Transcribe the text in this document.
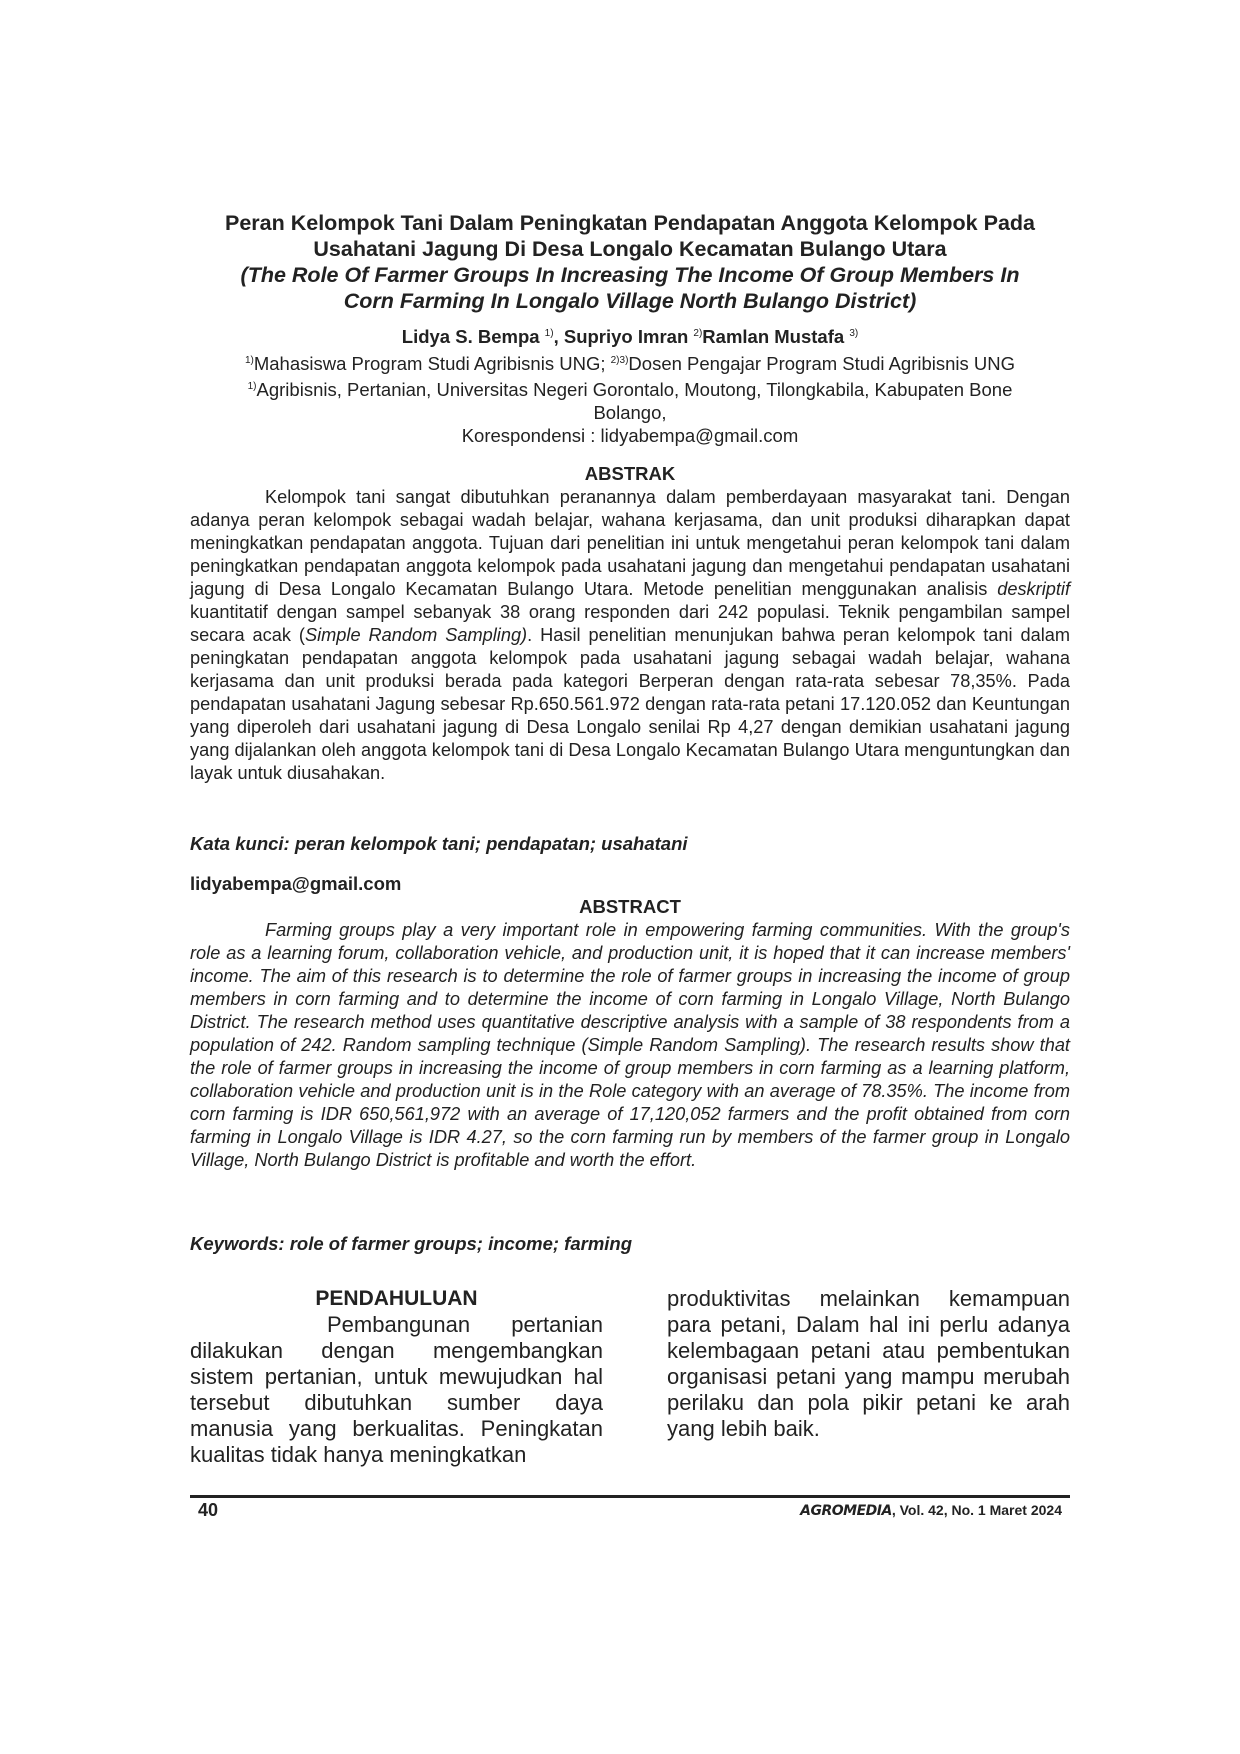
Peran Kelompok Tani Dalam Peningkatan Pendapatan Anggota Kelompok Pada
Usahatani Jagung Di Desa Longalo Kecamatan Bulango Utara

(The Role Of Farmer Groups In Increasing The Income Of Group Members In
Corn Farming In Longalo Village North Bulango District)

Lidya S. Bempa $^{1)}$, Supriyo Imran $^{2)}$Ramlan Mustafa $^{3)}$
$^{1)}$Mahasiswa Program Studi Agribisnis UNG; $^{2)3)}$Dosen Pengajar Program Studi Agribisnis UNG
$^{1)}$Agribisnis, Pertanian, Universitas Negeri Gorontalo, Moutong, Tilongkabila, Kabupaten Bone
Bolango,
Korespondensi : lidyabempa@gmail.com
ABSTRAK

Kelompok tani sangat dibutuhkan peranannya dalam pemberdayaan masyarakat tani. Dengan adanya peran kelompok sebagai wadah belajar, wahana kerjasama, dan unit produksi diharapkan dapat meningkatkan pendapatan anggota. Tujuan dari penelitian ini untuk mengetahui peran kelompok tani dalam peningkatkan pendapatan anggota kelompok pada usahatani jagung dan mengetahui pendapatan usahatani jagung di Desa Longalo Kecamatan Bulango Utara. Metode penelitian menggunakan analisis deskriptif kuantitatif dengan sampel sebanyak 38 orang responden dari 242 populasi. Teknik pengambilan sampel secara acak (Simple Random Sampling). Hasil penelitian menunjukan bahwa peran kelompok tani dalam peningkatan pendapatan anggota kelompok pada usahatani jagung sebagai wadah belajar, wahana kerjasama dan unit produksi berada pada kategori Berperan dengan rata-rata sebesar 78,35%. Pada pendapatan usahatani Jagung sebesar Rp.650.561.972 dengan rata-rata petani 17.120.052 dan Keuntungan yang diperoleh dari usahatani jagung di Desa Longalo senilai Rp 4,27 dengan demikian usahatani jagung yang dijalankan oleh anggota kelompok tani di Desa Longalo Kecamatan Bulango Utara menguntungkan dan layak untuk diusahakan.

Kata kunci: peran kelompok tani; pendapatan; usahatani

lidyabempa@gmail.com

ABSTRACT

Farming groups play a very important role in empowering farming communities. With the group's role as a learning forum, collaboration vehicle, and production unit, it is hoped that it can increase members' income. The aim of this research is to determine the role of farmer groups in increasing the income of group members in corn farming and to determine the income of corn farming in Longalo Village, North Bulango District. The research method uses quantitative descriptive analysis with a sample of 38 respondents from a population of 242. Random sampling technique (Simple Random Sampling). The research results show that the role of farmer groups in increasing the income of group members in corn farming as a learning platform, collaboration vehicle and production unit is in the Role category with an average of 78.35%. The income from corn farming is IDR 650,561,972 with an average of 17,120,052 farmers and the profit obtained from corn farming in Longalo Village is IDR 4.27, so the corn farming run by members of the farmer group in Longalo Village, North Bulango District is profitable and worth the effort.

Keywords: role of farmer groups; income; farming

PENDAHULUAN

Pembangunan pertanian dilakukan dengan mengembangkan sistem pertanian, untuk mewujudkan hal tersebut dibutuhkan sumber daya manusia yang berkualitas. Peningkatan kualitas tidak hanya meningkatkan

produktivitas melainkan kemampuan para petani, Dalam hal ini perlu adanya kelembagaan petani atau pembentukan organisasi petani yang mampu merubah perilaku dan pola pikir petani ke arah yang lebih baik.

40	AGROMEDIA, Vol. 42, No. 1 Maret 2024
